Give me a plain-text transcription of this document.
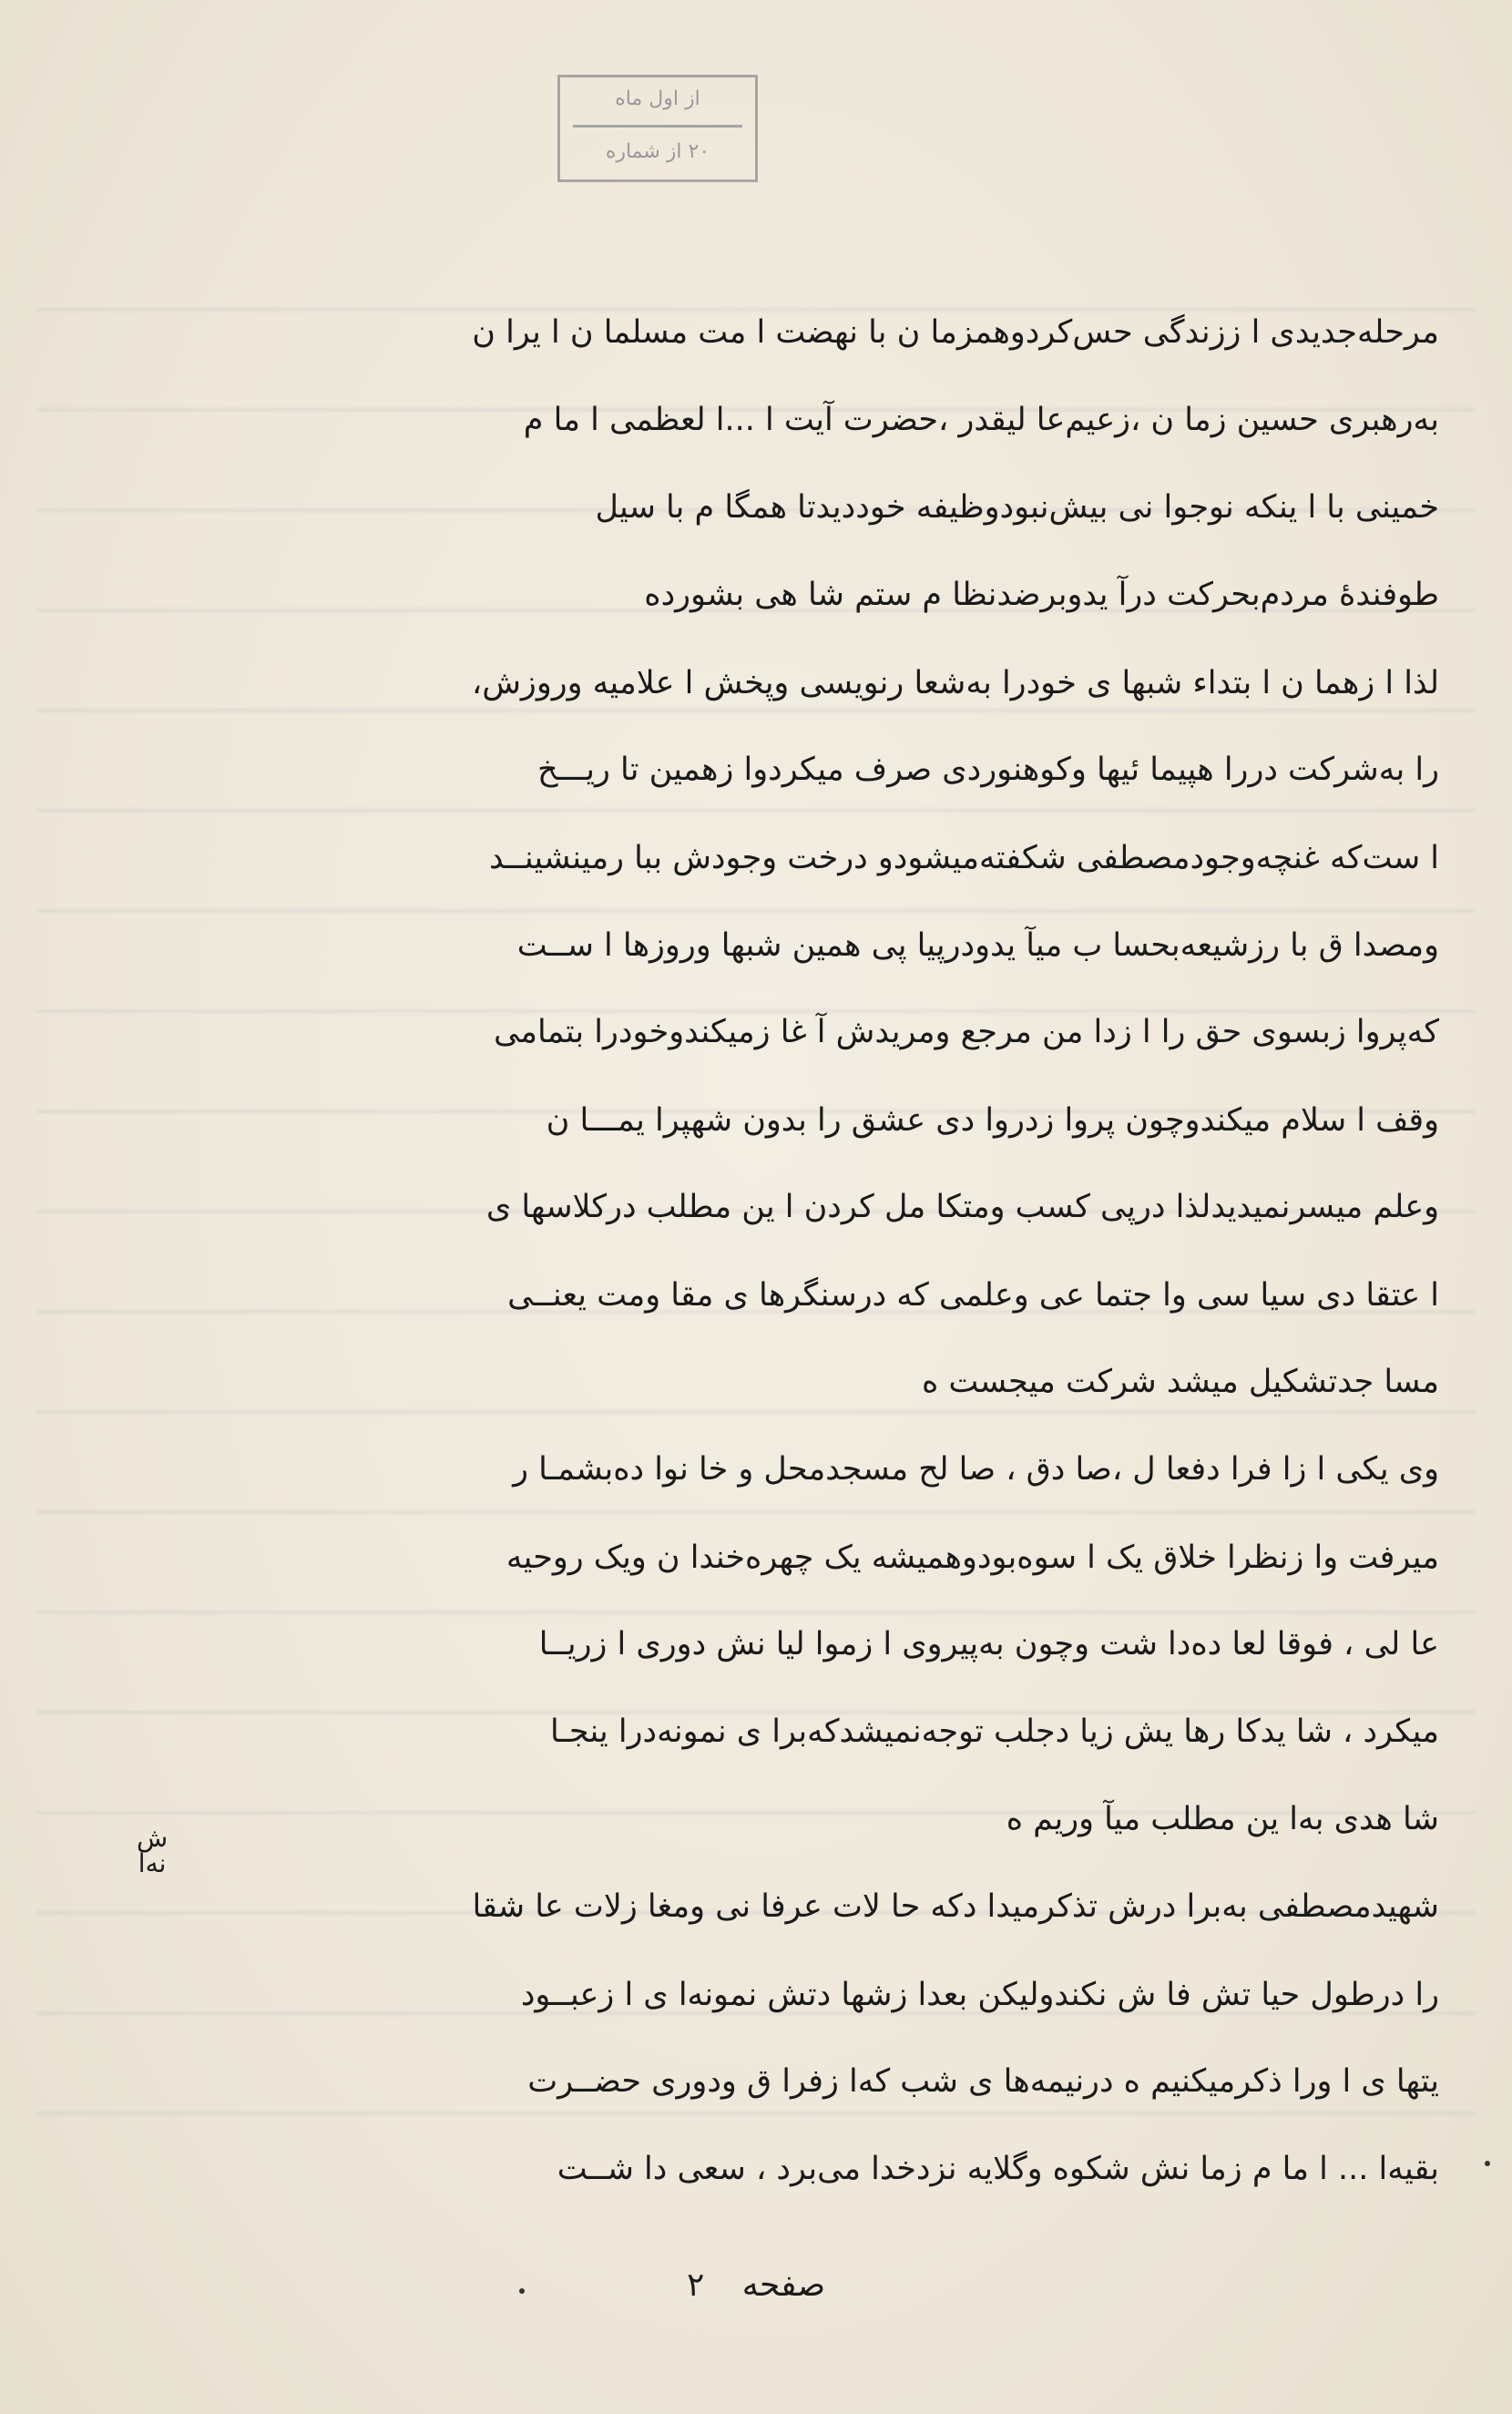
از اول ماه
۲۰ از شماره
مرحله‌جدیدی ا ززندگی حس‌کردوهمزما ن با نهضت ا مت مسلما ن ا یرا ن
به‌رهبری حسین زما ن ،زعیم‌عا لیقدر ،حضرت آیت ا ...ا لعظمی ا ما م
خمینی با ا ینکه نوجوا نی بیش‌نبودوظیفه خوددیدتا همگا م با سیل
طوفندهٔ مردم‌بحرکت درآ یدوبرضدنظا م ستم شا هی بشورده
لذا ا زهما ن ا بتداء شبها ی خودرا به‌شعا رنویسی وپخش ا علامیه وروزش،
را به‌شرکت دررا هپیما ئیها وکوهنوردی صرف میکردوا زهمین تا ریـــخ
ا ست‌که غنچه‌وجودمصطفی شکفته‌میشودو درخت وجودش ببا رمینشینــد
ومصدا ق با رزشیعه‌بحسا ب میآ یدودرپیا پی همین شبها وروزها ا ســت
که‌پروا زبسوی حق را ا زدا من مرجع ومریدش آ غا زمیکندوخودرا بتمامی
وقف ا سلام میکندوچون پروا زدروا دی عشق را بدون شهپرا یمـــا ن
وعلم میسرنمیدیدلذا درپی کسب ومتکا مل کردن ا ین مطلب درکلاسها ی
ا عتقا دی سیا سی وا جتما عی وعلمی که درسنگرها ی مقا ومت یعنــی
مسا جدتشکیل میشد شرکت میجست ه
وی یکی ا زا فرا دفعا ل ،صا دق ، صا لح مسجدمحل و خا نوا ده‌بشمـا ر
میرفت وا زنظرا خلاق یک ا سوه‌بودوهمیشه یک چهره‌خندا ن ویک روحیه
عا لی ، فوقا لعا ده‌دا شت وچون به‌پیروی ا زموا لیا نش دوری ا زریــا
میکرد ، شا یدکا رها یش زیا دجلب توجه‌نمیشدکه‌برا ی نمونه‌درا ینجـا
شا هدی به‌ا ین مطلب میآ وریم ه
شهیدمصطفی به‌برا درش تذکرمیدا دکه حا لات عرفا نی ومغا زلات عا شقا
را درطول حیا تش فا ش نکندولیکن بعدا زشها دتش نمونه‌ا ی ا زعبــود
یتها ی ا ورا ذکرمیکنیم ه درنیمه‌ها ی شب که‌ا زفرا ق ودوری حضــرت
بقیه‌ا ... ا ما م زما نش شکوه وگلایه نزدخدا می‌برد ، سعی دا شــت
ش
نه‌ا
صفحه ۲
